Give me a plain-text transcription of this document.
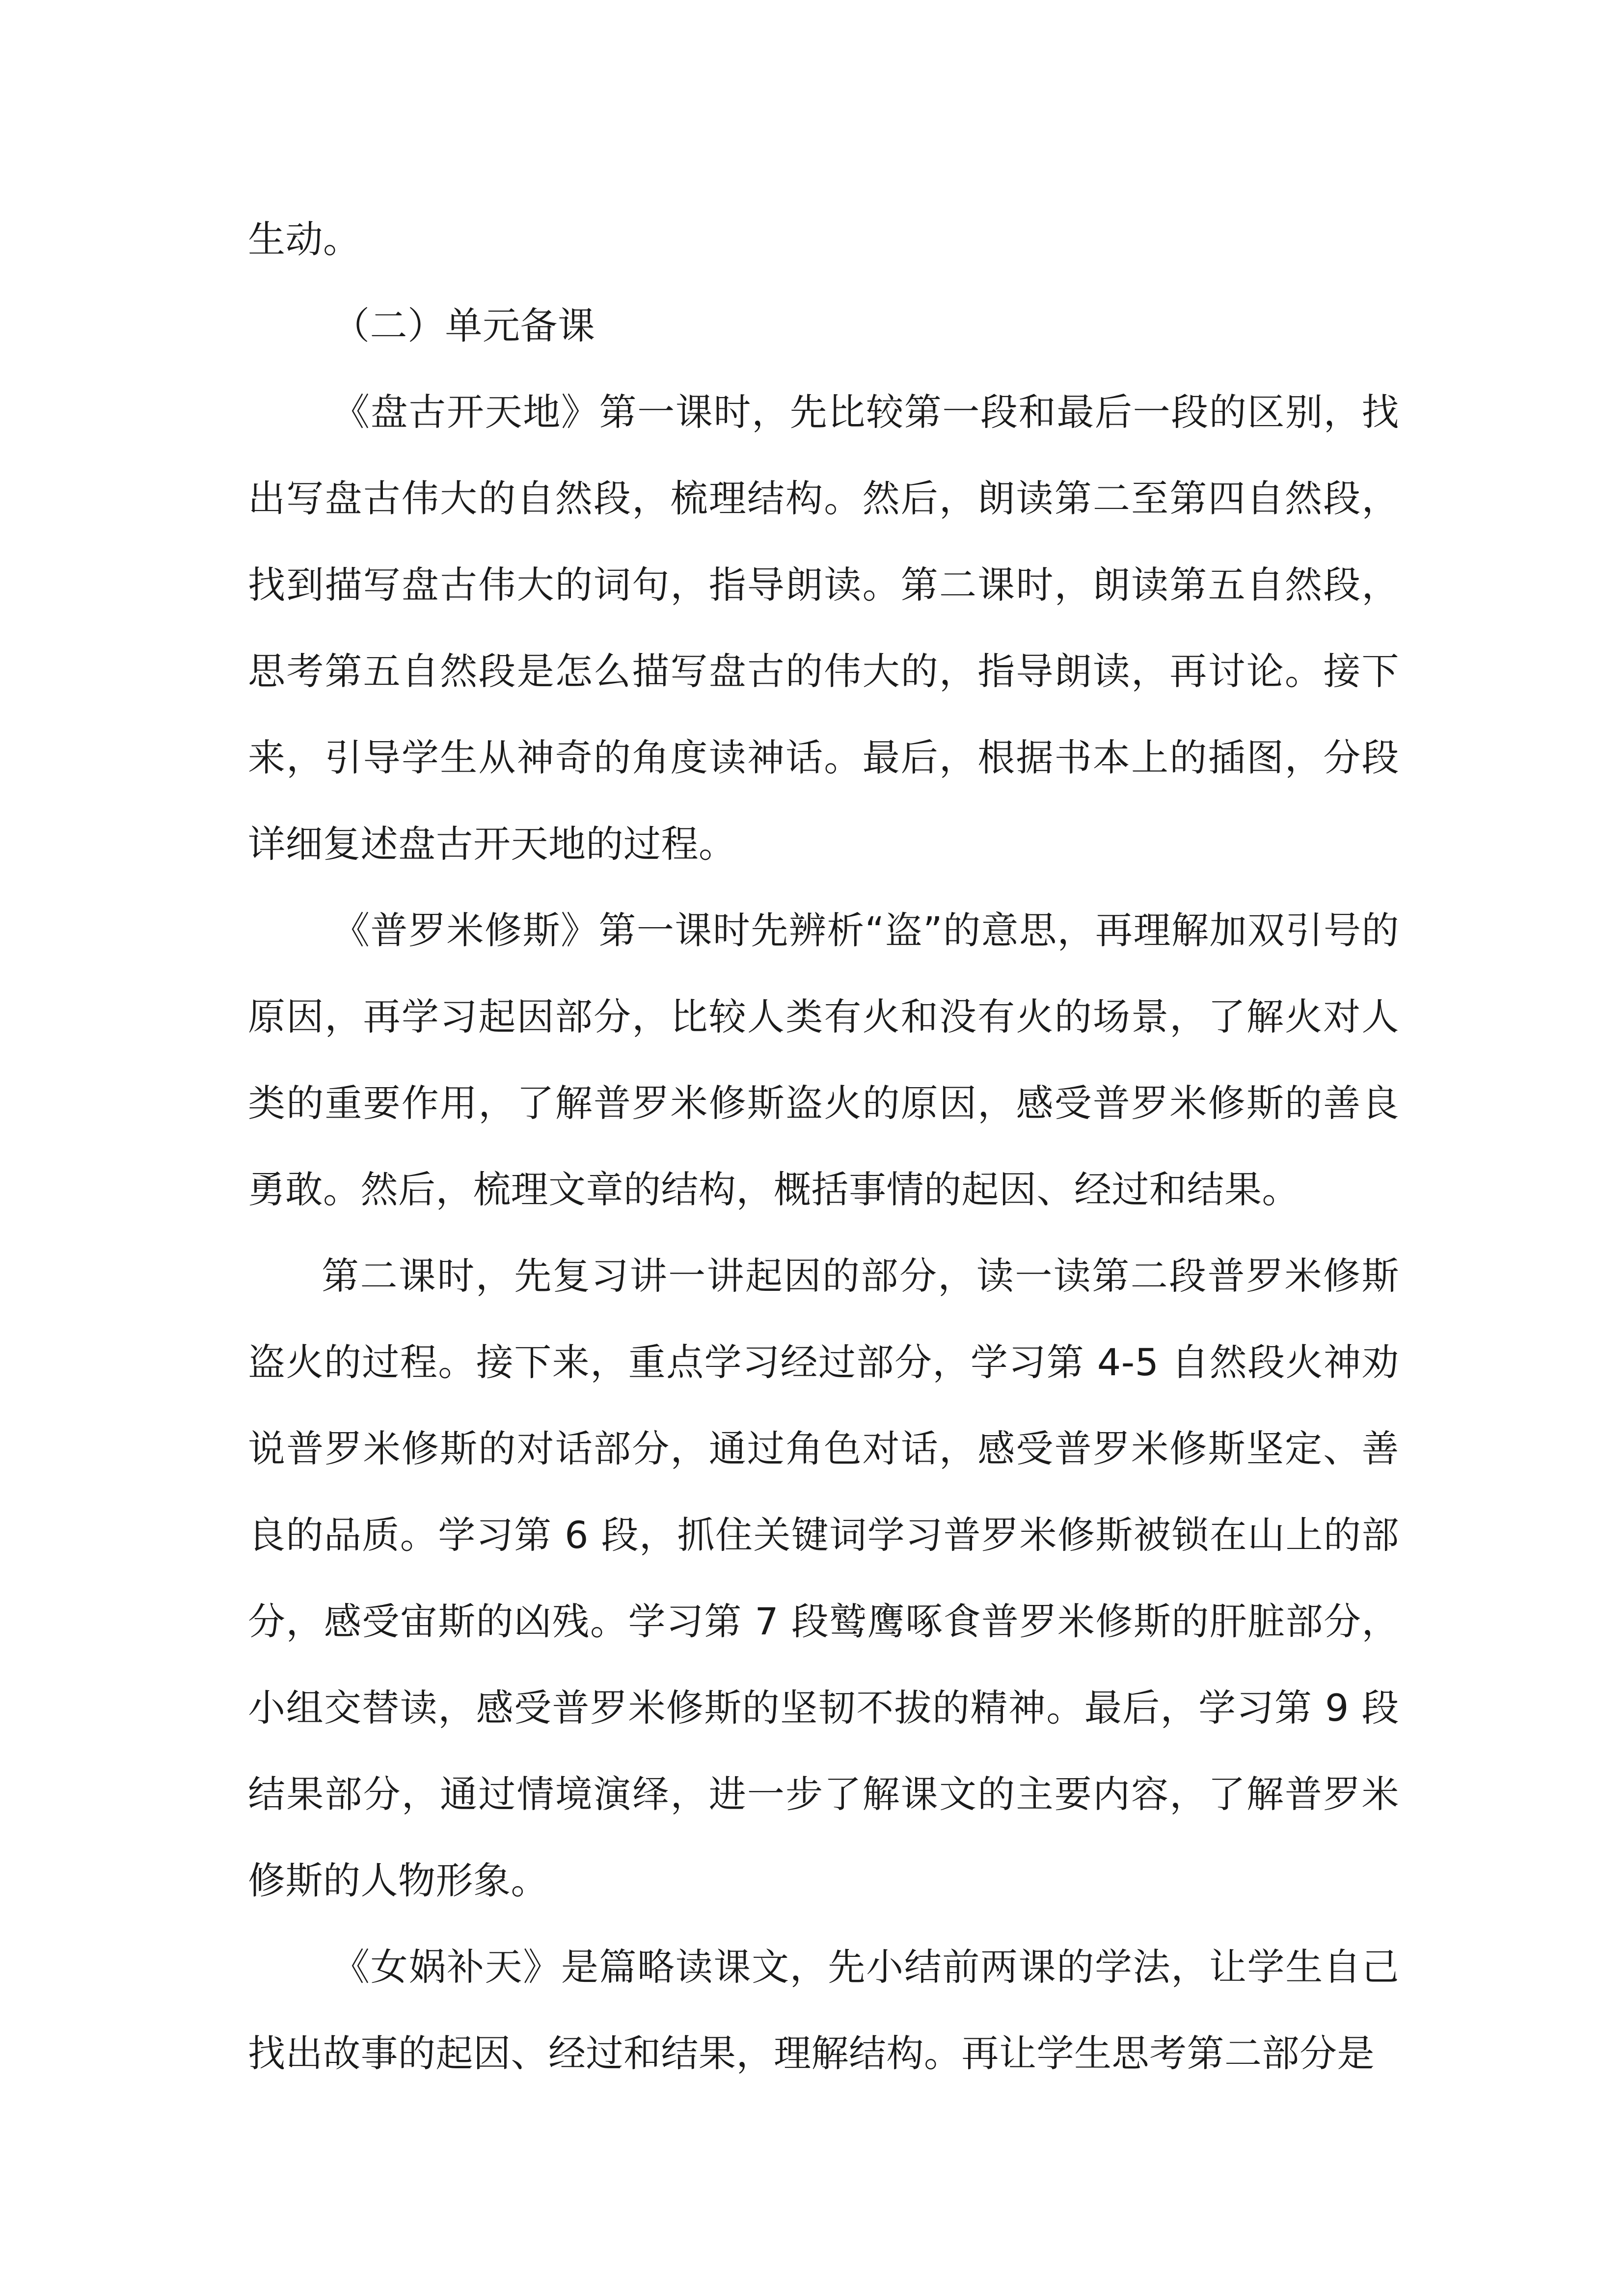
生动。

（二）单元备课

《盘古开天地》第一课时，先比较第一段和最后一段的区别，找出写盘古伟大的自然段，梳理结构。然后，朗读第二至第四自然段，找到描写盘古伟大的词句，指导朗读。第二课时，朗读第五自然段，思考第五自然段是怎么描写盘古的伟大的，指导朗读，再讨论。接下来，引导学生从神奇的角度读神话。最后，根据书本上的插图，分段详细复述盘古开天地的过程。

《普罗米修斯》第一课时先辨析“盗”的意思，再理解加双引号的原因，再学习起因部分，比较人类有火和没有火的场景，了解火对人类的重要作用，了解普罗米修斯盗火的原因，感受普罗米修斯的善良勇敢。然后，梳理文章的结构，概括事情的起因、经过和结果。

第二课时，先复习讲一讲起因的部分，读一读第二段普罗米修斯盗火的过程。接下来，重点学习经过部分，学习第 4-5 自然段火神劝说普罗米修斯的对话部分，通过角色对话，感受普罗米修斯坚定、善良的品质。学习第 6 段，抓住关键词学习普罗米修斯被锁在山上的部分，感受宙斯的凶残。学习第 7 段鹫鹰啄食普罗米修斯的肝脏部分，小组交替读，感受普罗米修斯的坚韧不拔的精神。最后，学习第 9 段结果部分，通过情境演绎，进一步了解课文的主要内容，了解普罗米修斯的人物形象。

《女娲补天》是篇略读课文，先小结前两课的学法，让学生自己找出故事的起因、经过和结果，理解结构。再让学生思考第二部分是
